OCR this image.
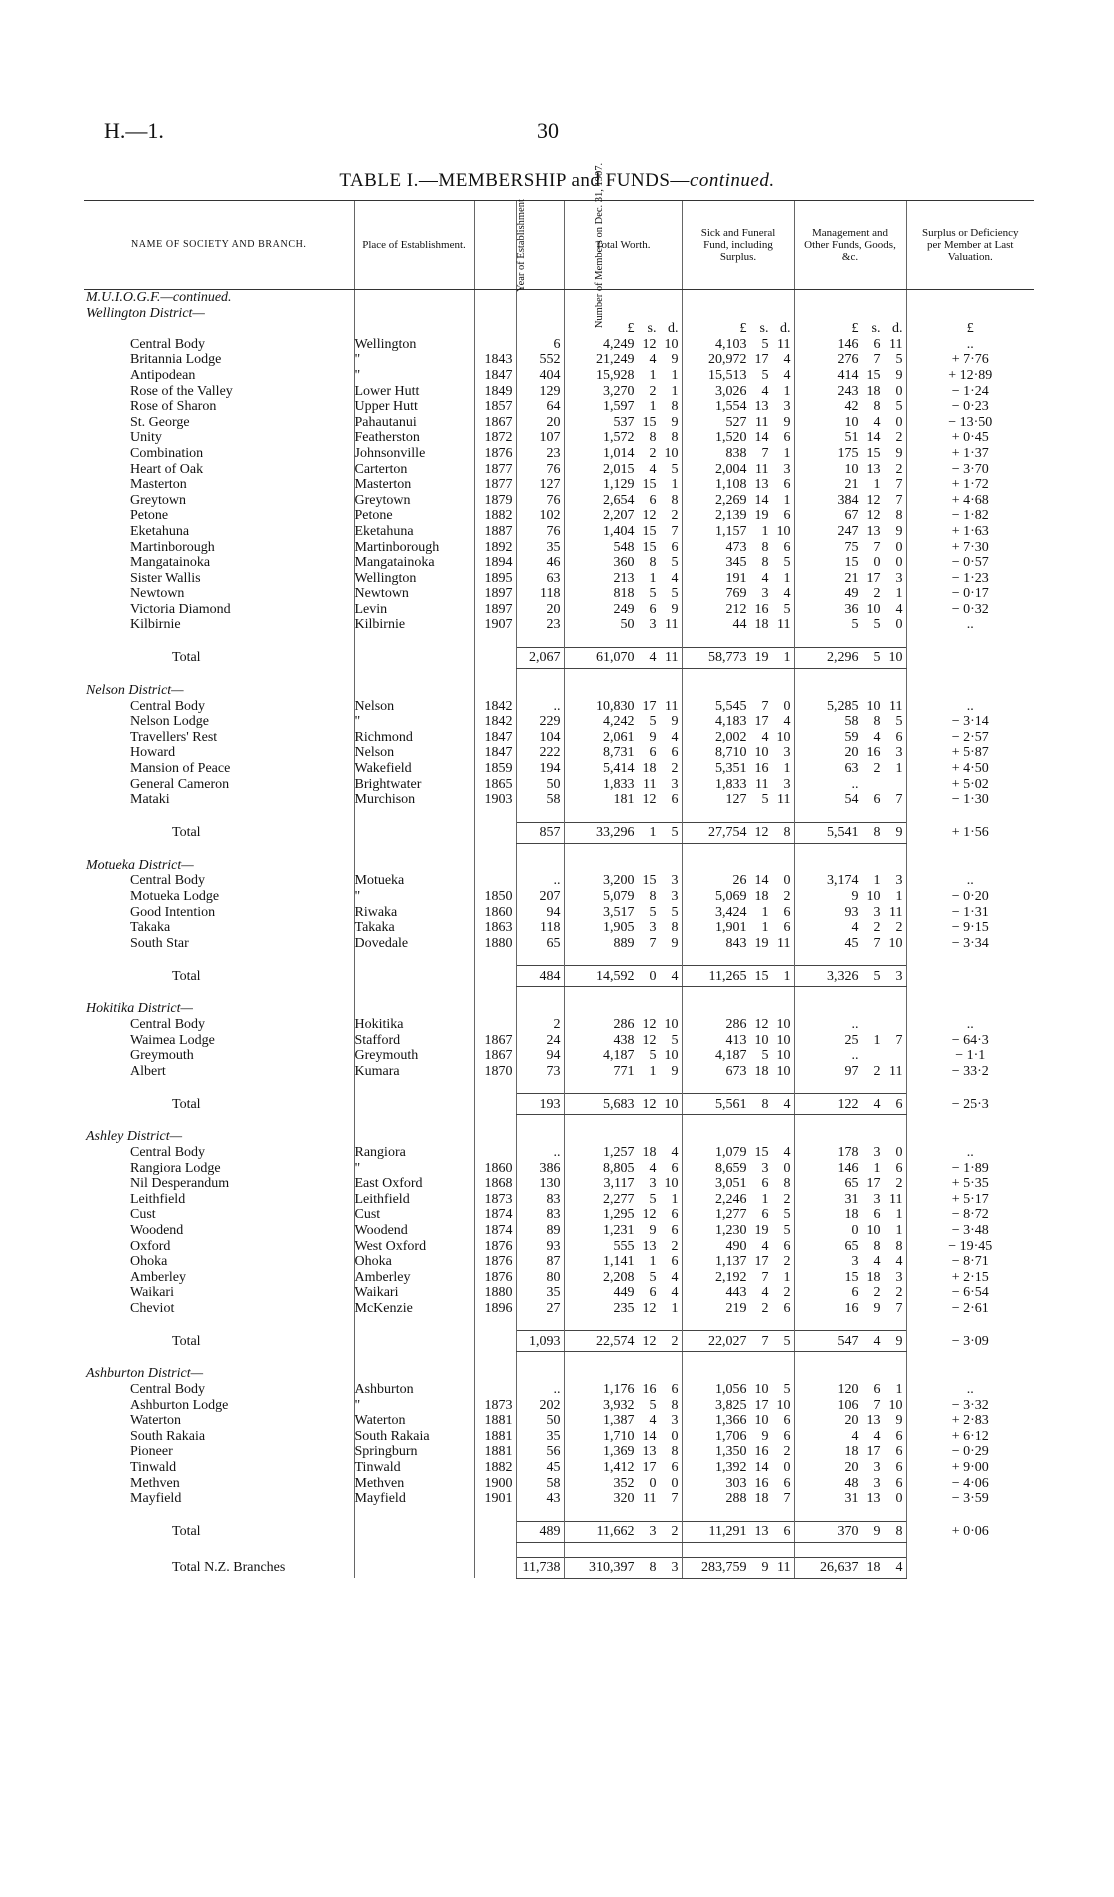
H.—1.	30
TABLE I.—MEMBERSHIP and FUNDS—continued.
NAME OF SOCIETY AND BRANCH.	Place of Establishment.	Year of Establishment	Number of Members on Dec. 31, 1907.	Total Worth.	Sick and Funeral Fund, including Surplus.	Management and Other Funds, Goods, &c.	Surplus or Deficiency per Member at Last Valuation.
M.U.I.O.G.F.—continued.							
Wellington District—							

				£ s. d.	£ s. d.	£ s. d.	£
Central Body	Wellington		6	4,249 12 10	4,103 5 11	146 6 11	..
Britannia Lodge	"	1843	552	21,249 4 9	20,972 17 4	276 7 5	+ 7·76
Antipodean	"	1847	404	15,928 1 1	15,513 5 4	414 15 9	+ 12·89
Rose of the Valley	Lower Hutt	1849	129	3,270 2 1	3,026 4 1	243 18 0	− 1·24
Rose of Sharon	Upper Hutt	1857	64	1,597 1 8	1,554 13 3	42 8 5	− 0·23
St. George	Pahautanui	1867	20	537 15 9	527 11 9	10 4 0	− 13·50
Unity	Featherston	1872	107	1,572 8 8	1,520 14 6	51 14 2	+ 0·45
Combination	Johnsonville	1876	23	1,014 2 10	838 7 1	175 15 9	+ 1·37
Heart of Oak	Carterton	1877	76	2,015 4 5	2,004 11 3	10 13 2	− 3·70
Masterton	Masterton	1877	127	1,129 15 1	1,108 13 6	21 1 7	+ 1·72
Greytown	Greytown	1879	76	2,654 6 8	2,269 14 1	384 12 7	+ 4·68
Petone	Petone	1882	102	2,207 12 2	2,139 19 6	67 12 8	− 1·82
Eketahuna	Eketahuna	1887	76	1,404 15 7	1,157 1 10	247 13 9	+ 1·63
Martinborough	Martinborough	1892	35	548 15 6	473 8 6	75 7 0	+ 7·30
Mangatainoka	Mangatainoka	1894	46	360 8 5	345 8 5	15 0 0	− 0·57
Sister Wallis	Wellington	1895	63	213 1 4	191 4 1	21 17 3	− 1·23
Newtown	Newtown	1897	118	818 5 5	769 3 4	49 2 1	− 0·17
Victoria Diamond	Levin	1897	20	249 6 9	212 16 5	36 10 4	− 0·32
Kilbirnie	Kilbirnie	1907	23	50 3 11	44 18 11	5 5 0	..

Total			2,067	61,070 4 11	58,773 19 1	2,296 5 10	

Nelson District—							
Central Body	Nelson	1842	..	10,830 17 11	5,545 7 0	5,285 10 11	..
Nelson Lodge	"	1842	229	4,242 5 9	4,183 17 4	58 8 5	− 3·14
Travellers' Rest	Richmond	1847	104	2,061 9 4	2,002 4 10	59 4 6	− 2·57
Howard	Nelson	1847	222	8,731 6 6	8,710 10 3	20 16 3	+ 5·87
Mansion of Peace	Wakefield	1859	194	5,414 18 2	5,351 16 1	63 2 1	+ 4·50
General Cameron	Brightwater	1865	50	1,833 11 3	1,833 11 3	..	+ 5·02
Mataki	Murchison	1903	58	181 12 6	127 5 11	54 6 7	− 1·30

Total			857	33,296 1 5	27,754 12 8	5,541 8 9	+ 1·56

Motueka District—							
Central Body	Motueka		..	3,200 15 3	26 14 0	3,174 1 3	..
Motueka Lodge	"	1850	207	5,079 8 3	5,069 18 2	9 10 1	− 0·20
Good Intention	Riwaka	1860	94	3,517 5 5	3,424 1 6	93 3 11	− 1·31
Takaka	Takaka	1863	118	1,905 3 8	1,901 1 6	4 2 2	− 9·15
South Star	Dovedale	1880	65	889 7 9	843 19 11	45 7 10	− 3·34

Total			484	14,592 0 4	11,265 15 1	3,326 5 3	

Hokitika District—							
Central Body	Hokitika		2	286 12 10	286 12 10	..	..
Waimea Lodge	Stafford	1867	24	438 12 5	413 10 10	25 1 7	− 64·3
Greymouth	Greymouth	1867	94	4,187 5 10	4,187 5 10	..	− 1·1
Albert	Kumara	1870	73	771 1 9	673 18 10	97 2 11	− 33·2

Total			193	5,683 12 10	5,561 8 4	122 4 6	− 25·3

Ashley District—							
Central Body	Rangiora		..	1,257 18 4	1,079 15 4	178 3 0	..
Rangiora Lodge	"	1860	386	8,805 4 6	8,659 3 0	146 1 6	− 1·89
Nil Desperandum	East Oxford	1868	130	3,117 3 10	3,051 6 8	65 17 2	+ 5·35
Leithfield	Leithfield	1873	83	2,277 5 1	2,246 1 2	31 3 11	+ 5·17
Cust	Cust	1874	83	1,295 12 6	1,277 6 5	18 6 1	− 8·72
Woodend	Woodend	1874	89	1,231 9 6	1,230 19 5	0 10 1	− 3·48
Oxford	West Oxford	1876	93	555 13 2	490 4 6	65 8 8	− 19·45
Ohoka	Ohoka	1876	87	1,141 1 6	1,137 17 2	3 4 4	− 8·71
Amberley	Amberley	1876	80	2,208 5 4	2,192 7 1	15 18 3	+ 2·15
Waikari	Waikari	1880	35	449 6 4	443 4 2	6 2 2	− 6·54
Cheviot	McKenzie	1896	27	235 12 1	219 2 6	16 9 7	− 2·61

Total			1,093	22,574 12 2	22,027 7 5	547 4 9	− 3·09

Ashburton District—							
Central Body	Ashburton		..	1,176 16 6	1,056 10 5	120 6 1	..
Ashburton Lodge	"	1873	202	3,932 5 8	3,825 17 10	106 7 10	− 3·32
Waterton	Waterton	1881	50	1,387 4 3	1,366 10 6	20 13 9	+ 2·83
South Rakaia	South Rakaia	1881	35	1,710 14 0	1,706 9 6	4 4 6	+ 6·12
Pioneer	Springburn	1881	56	1,369 13 8	1,350 16 2	18 17 6	− 0·29
Tinwald	Tinwald	1882	45	1,412 17 6	1,392 14 0	20 3 6	+ 9·00
Methven	Methven	1900	58	352 0 0	303 16 6	48 3 6	− 4·06
Mayfield	Mayfield	1901	43	320 11 7	288 18 7	31 13 0	− 3·59

Total			489	11,662 3 2	11,291 13 6	370 9 8	+ 0·06

Total N.Z. Branches			11,738	310,397 8 3	283,759 9 11	26,637 18 4	
